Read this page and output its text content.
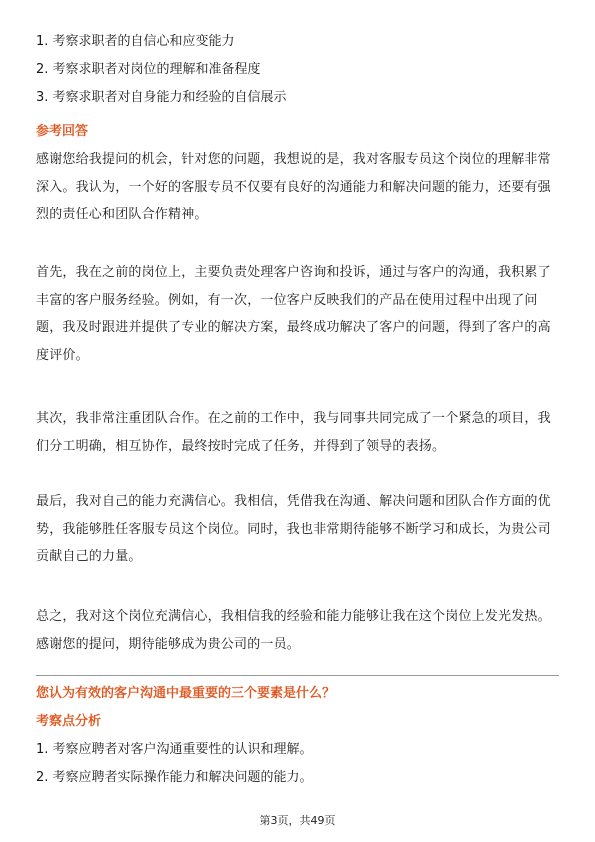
1. 考察求职者的自信心和应变能力
2. 考察求职者对岗位的理解和准备程度
3. 考察求职者对自身能力和经验的自信展示
参考回答

感谢您给我提问的机会，针对您的问题，我想说的是，我对客服专员这个岗位的理解非常深入。我认为，一个好的客服专员不仅要有良好的沟通能力和解决问题的能力，还要有强烈的责任心和团队合作精神。

首先，我在之前的岗位上，主要负责处理客户咨询和投诉，通过与客户的沟通，我积累了丰富的客户服务经验。例如，有一次，一位客户反映我们的产品在使用过程中出现了问题，我及时跟进并提供了专业的解决方案，最终成功解决了客户的问题，得到了客户的高度评价。

其次，我非常注重团队合作。在之前的工作中，我与同事共同完成了一个紧急的项目，我们分工明确，相互协作，最终按时完成了任务，并得到了领导的表扬。

最后，我对自己的能力充满信心。我相信，凭借我在沟通、解决问题和团队合作方面的优势，我能够胜任客服专员这个岗位。同时，我也非常期待能够不断学习和成长，为贵公司贡献自己的力量。

总之，我对这个岗位充满信心，我相信我的经验和能力能够让我在这个岗位上发光发热。感谢您的提问，期待能够成为贵公司的一员。

您认为有效的客户沟通中最重要的三个要素是什么？
考察点分析
1. 考察应聘者对客户沟通重要性的认识和理解。
2. 考察应聘者实际操作能力和解决问题的能力。
第3页，共49页
